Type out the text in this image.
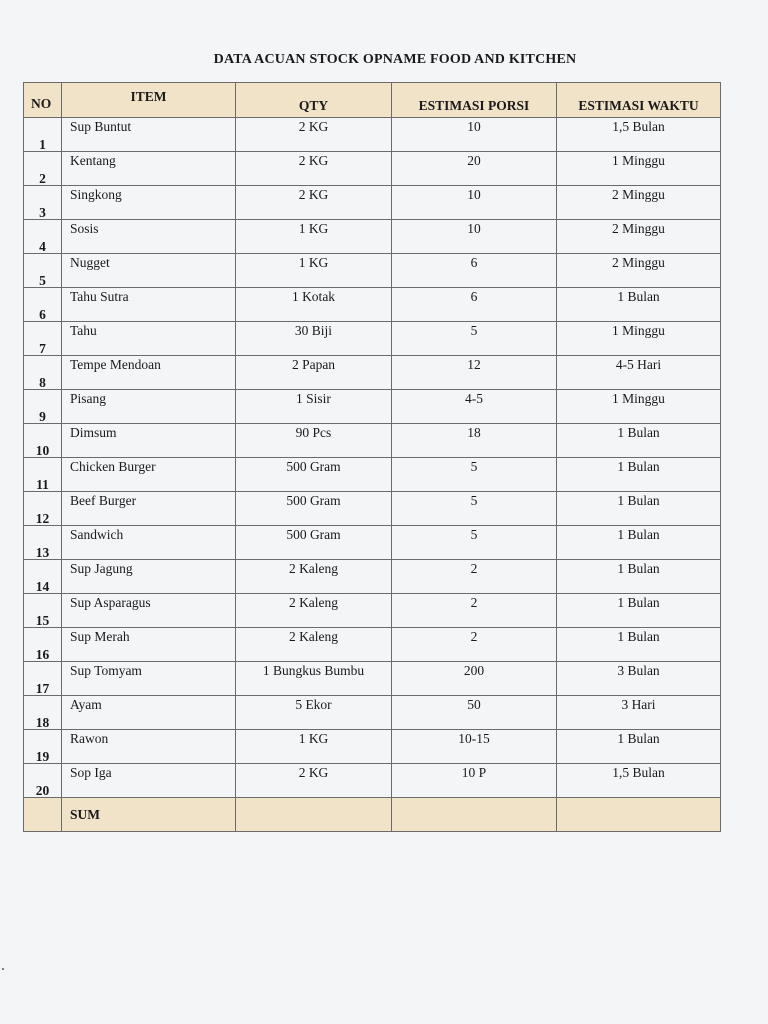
DATA ACUAN STOCK OPNAME FOOD AND KITCHEN
NO	ITEM	QTY	ESTIMASI PORSI	ESTIMASI WAKTU

1	Sup Buntut	2 KG	10	1,5 Bulan

2	Kentang	2 KG	20	1 Minggu

3	Singkong	2 KG	10	2 Minggu

4	Sosis	1 KG	10	2 Minggu

5	Nugget	1 KG	6	2 Minggu

6	Tahu Sutra	1 Kotak	6	1 Bulan

7	Tahu	30 Biji	5	1 Minggu

8	Tempe Mendoan	2 Papan	12	4-5 Hari

9	Pisang	1 Sisir	4-5	1 Minggu

10	Dimsum	90 Pcs	18	1 Bulan

11	Chicken Burger	500 Gram	5	1 Bulan

12	Beef Burger	500 Gram	5	1 Bulan

13	Sandwich	500 Gram	5	1 Bulan

14	Sup Jagung	2 Kaleng	2	1 Bulan

15	Sup Asparagus	2 Kaleng	2	1 Bulan

16	Sup Merah	2 Kaleng	2	1 Bulan

17	Sup Tomyam	1 Bungkus Bumbu	200	3 Bulan

18	Ayam	5 Ekor	50	3 Hari

19	Rawon	1 KG	10-15	1 Bulan

20	Sop Iga	2 KG	10 P	1,5 Bulan

	SUM			
